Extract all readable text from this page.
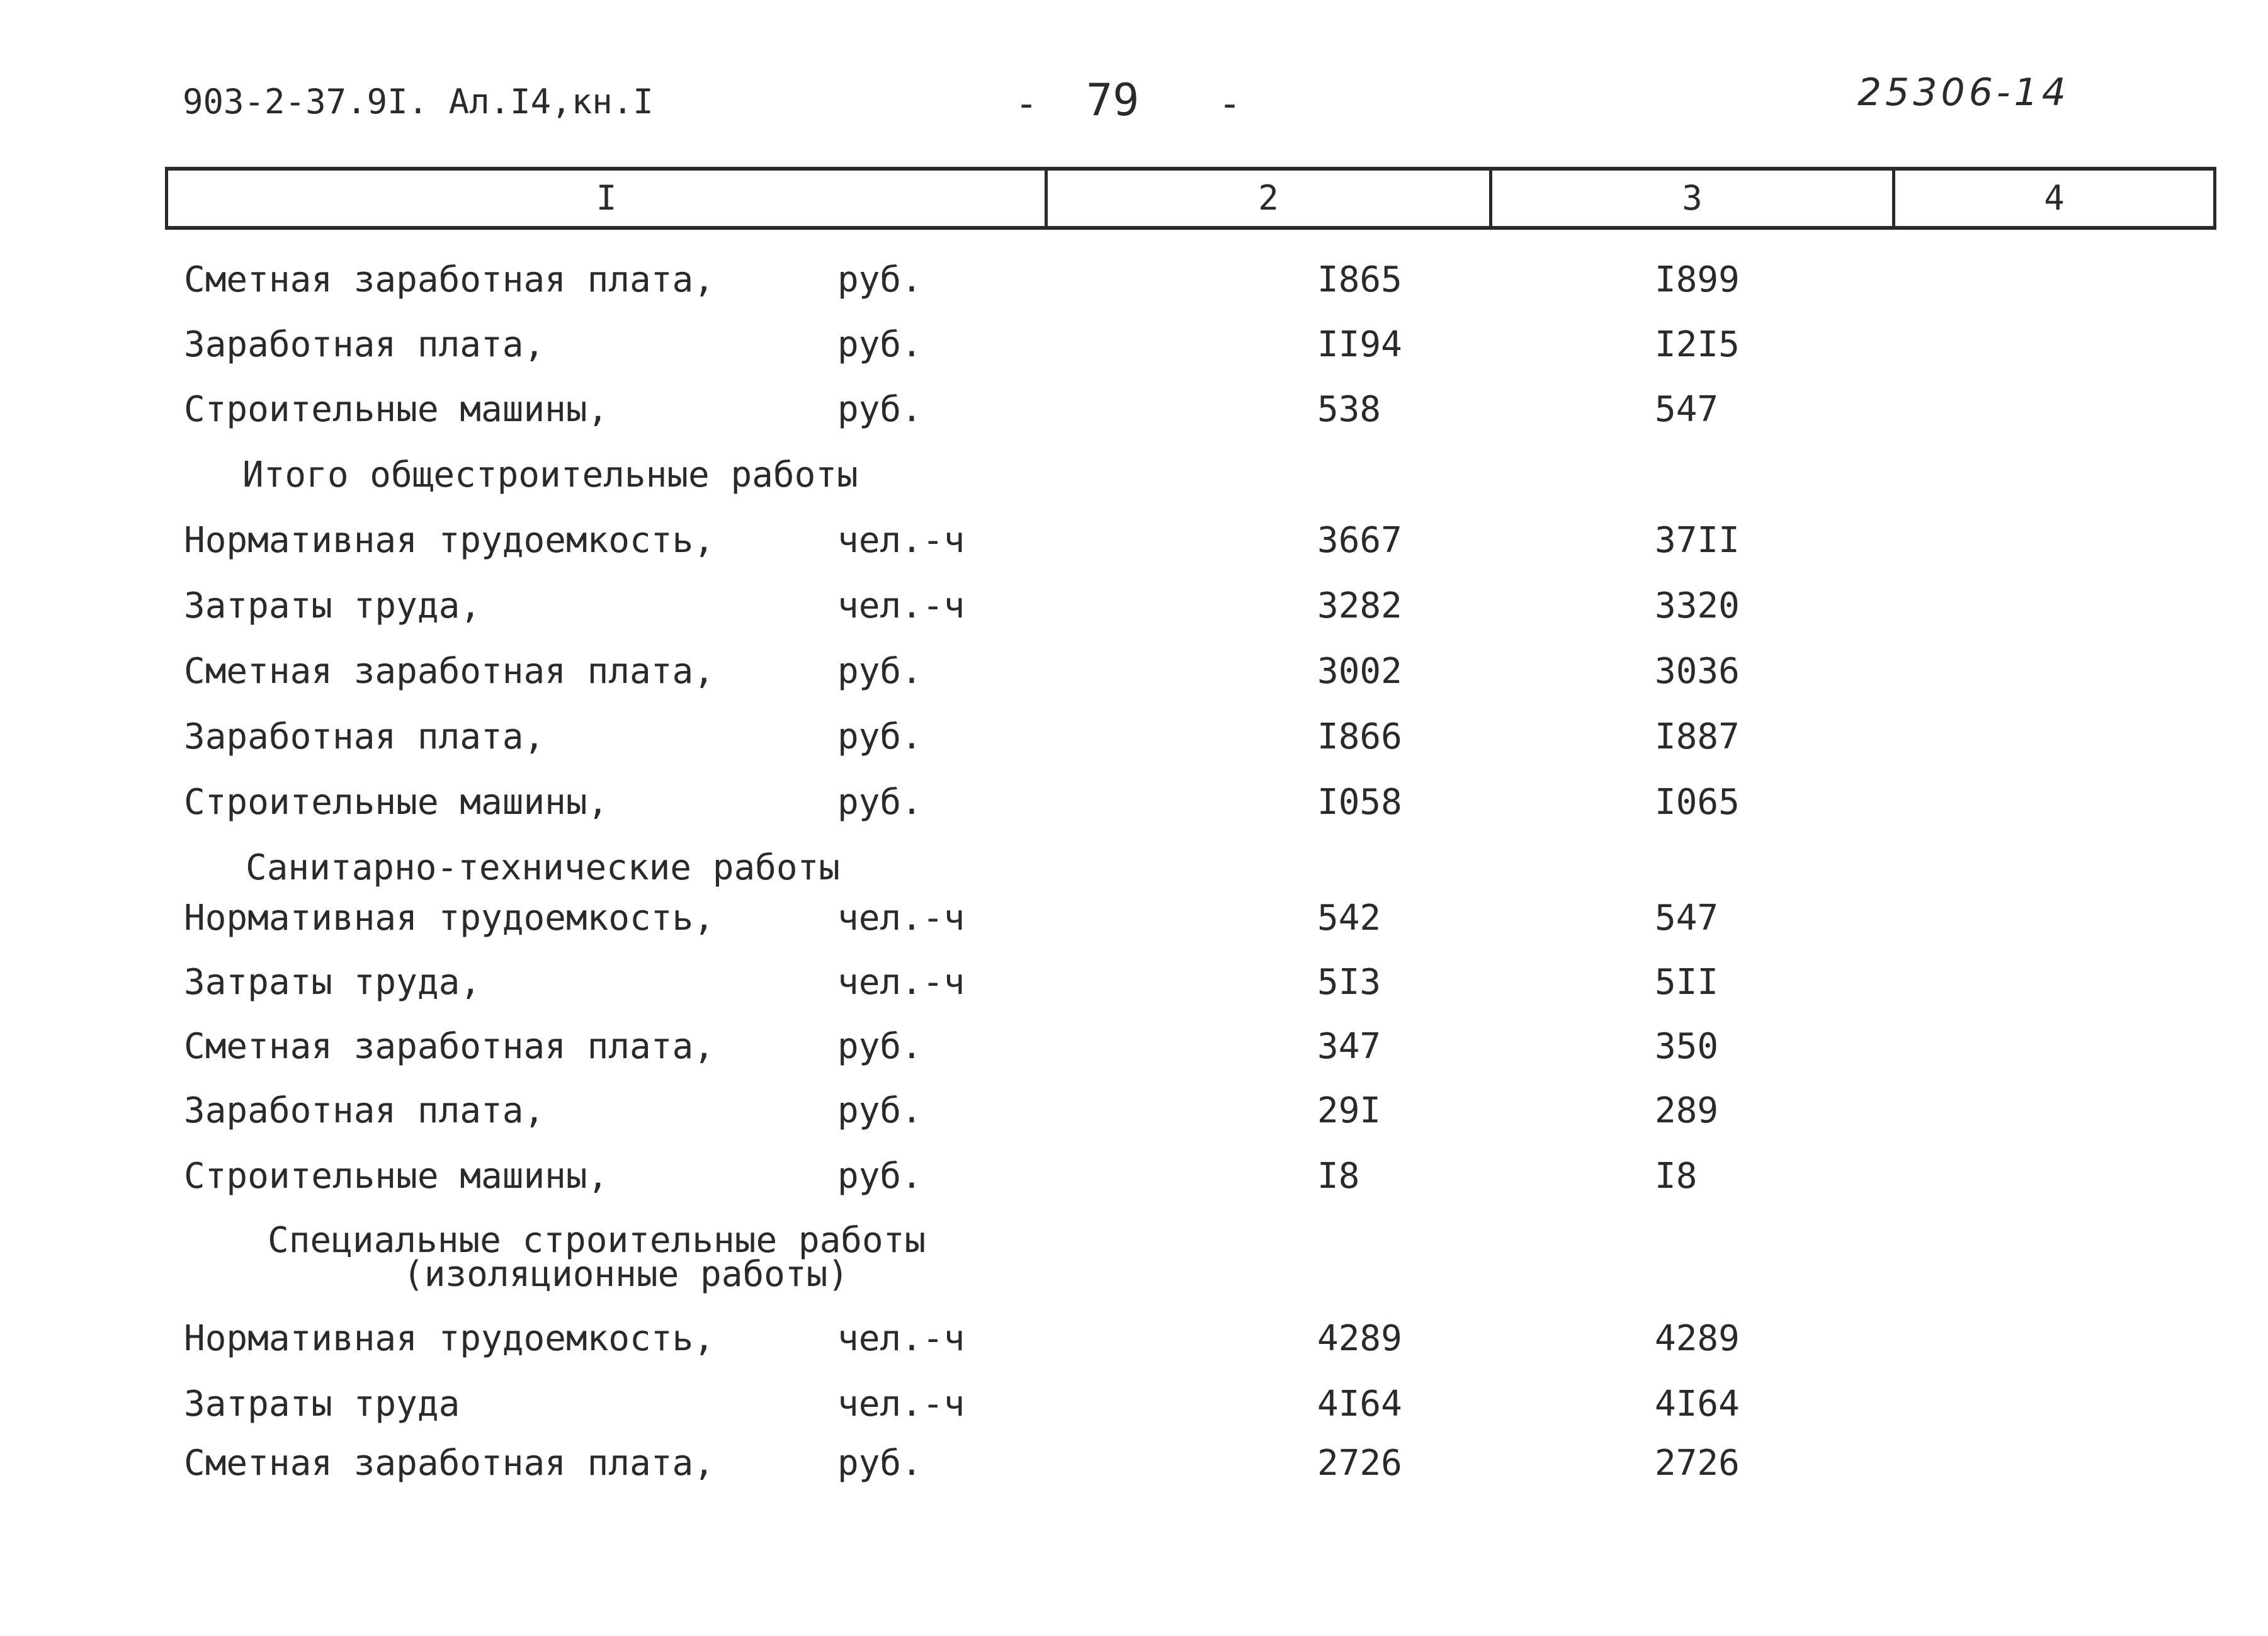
903-2-37.9I. Ал.I4,кн.I	- 79 -	25306-14
I	2	3	4
Сметная заработная плата,	руб.	I865	I899
Заработная плата,	руб.	II94	I2I5
Строительные машины,	руб.	538	547
Итого общестроительные работы
Нормативная трудоемкость,	чел.-ч	3667	37II
Затраты труда,	чел.-ч	3282	3320
Сметная заработная плата,	руб.	3002	3036
Заработная плата,	руб.	I866	I887
Строительные машины,	руб.	I058	I065
Санитарно-технические работы
Нормативная трудоемкость,	чел.-ч	542	547
Затраты труда,	чел.-ч	5I3	5II
Сметная заработная плата,	руб.	347	350
Заработная плата,	руб.	29I	289
Строительные машины,	руб.	I8	I8
Специальные строительные работы
(изоляционные работы)
Нормативная трудоемкость,	чел.-ч	4289	4289
Затраты труда	чел.-ч	4I64	4I64
Сметная заработная плата,	руб.	2726	2726
